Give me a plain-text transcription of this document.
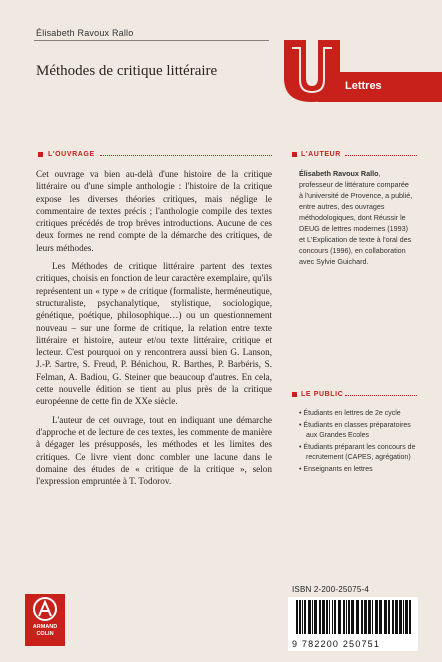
Élisabeth Ravoux Rallo
Méthodes de critique littéraire
Lettres
L'OUVRAGE	L'AUTEUR
LE PUBLIC

Cet ouvrage va bien au-delà d'une histoire de la critique littéraire ou d'une simple anthologie : l'histoire de la critique expose les diverses théories critiques, mais néglige le commentaire de textes précis ; l'anthologie compile des textes critiques précédés de trop brèves introductions. Aucune de ces deux formes ne rend compte de la démarche des critiques, de leurs méthodes.

Les Méthodes de critique littéraire partent des textes critiques, choisis en fonction de leur caractère exemplaire, qu'ils représentent un « type » de critique (formaliste, herméneutique, structuraliste, psychanalytique, stylistique, sociologique, génétique, poétique, philosophique…) ou un questionnement nouveau – sur une forme de critique, la relation entre texte littéraire et histoire, auteur et/ou texte littéraire, critique et lecteur. C'est pourquoi on y rencontrera aussi bien G. Lanson, J.-P. Sartre, S. Freud, P. Bénichou, R. Barthes, P. Barbéris, S. Felman, A. Badiou, G. Steiner que beaucoup d'autres. En cela, cette nouvelle édition se tient au plus près de la critique européenne de cette fin de XXe siècle.

L'auteur de cet ouvrage, tout en indiquant une démarche d'approche et de lecture de ces textes, les commente de manière à dégager les présupposés, les méthodes et les limites des critiques. Ce livre vient donc combler une lacune dans le domaine des études de « critique de la critique », selon l'expression empruntée à T. Todorov.

Élisabeth Ravoux Rallo, professeur de littérature comparée à l'université de Provence, a publié, entre autres, des ouvrages méthodologiques, dont Réussir le DEUG de lettres modernes (1993) et L'Explication de texte à l'oral des concours (1996), en collaboration avec Sylvie Guichard.
• Étudiants en lettres de 2e cycle
• Étudiants en classes préparatoires aux Grandes Ecoles
• Étudiants préparant les concours de recrutement (CAPES, agrégation)
• Enseignants en lettres
ISBN 2-200-25075-4
9 782200 250751
ARMAND COLIN
